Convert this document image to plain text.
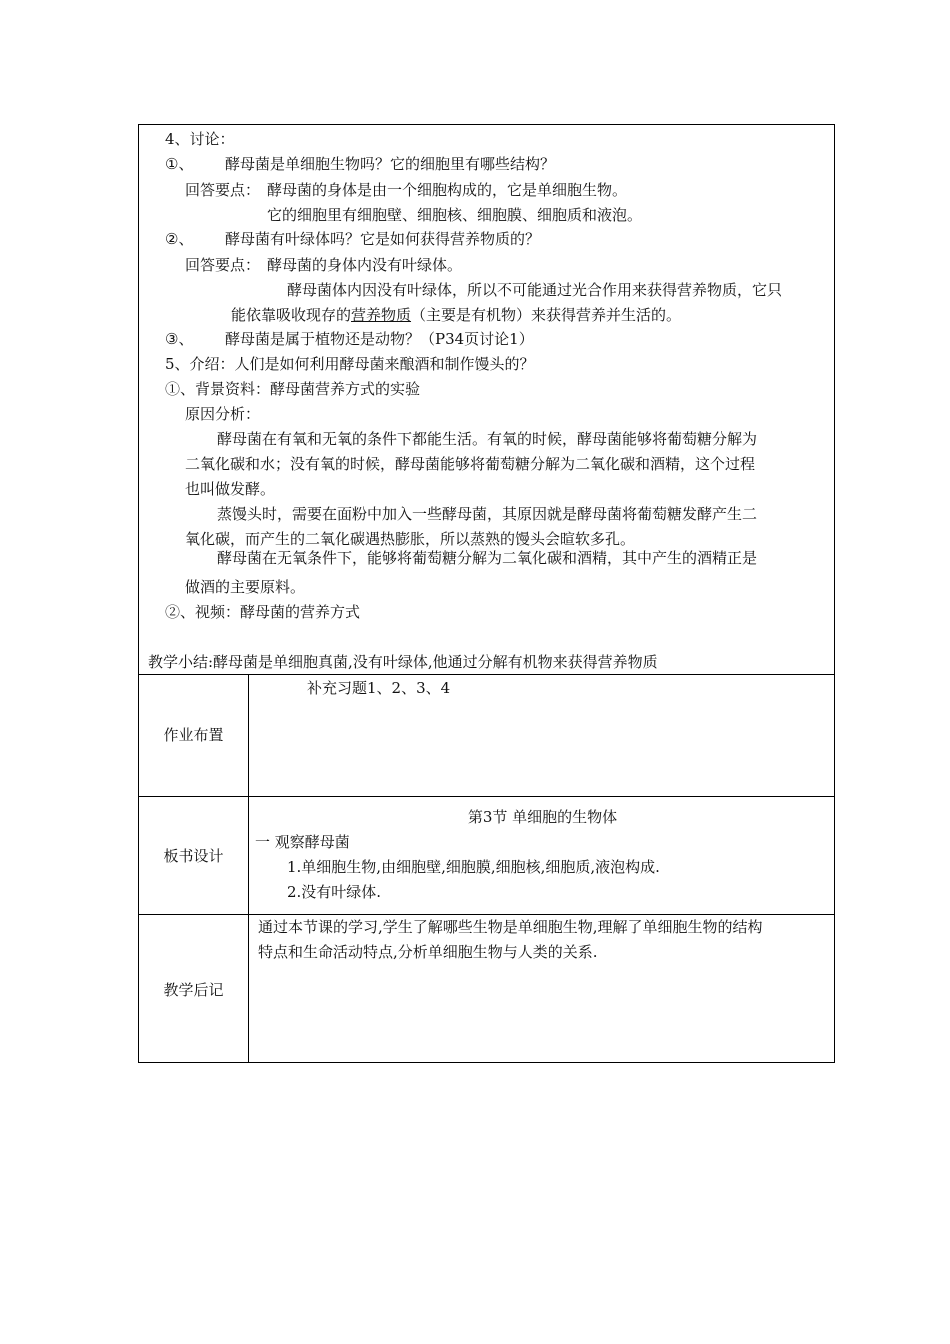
4、讨论：
①、 酵母菌是单细胞生物吗？它的细胞里有哪些结构？
回答要点： 酵母菌的身体是由一个细胞构成的，它是单细胞生物。
它的细胞里有细胞壁、细胞核、细胞膜、细胞质和液泡。
②、 酵母菌有叶绿体吗？它是如何获得营养物质的？
回答要点： 酵母菌的身体内没有叶绿体。
酵母菌体内因没有叶绿体，所以不可能通过光合作用来获得营养物质，它只
能依靠吸收现存的营养物质（主要是有机物）来获得营养并生活的。
③、 酵母菌是属于植物还是动物？（P34页讨论1）
5、介绍：人们是如何利用酵母菌来酿酒和制作馒头的？
①、背景资料：酵母菌营养方式的实验
原因分析：
酵母菌在有氧和无氧的条件下都能生活。有氧的时候，酵母菌能够将葡萄糖分解为
二氧化碳和水；没有氧的时候，酵母菌能够将葡萄糖分解为二氧化碳和酒精，这个过程
也叫做发酵。
蒸馒头时，需要在面粉中加入一些酵母菌，其原因就是酵母菌将葡萄糖发酵产生二
氧化碳，而产生的二氧化碳遇热膨胀，所以蒸熟的馒头会暄软多孔。
酵母菌在无氧条件下，能够将葡萄糖分解为二氧化碳和酒精，其中产生的酒精正是
做酒的主要原料。
②、视频：酵母菌的营养方式
教学小结:酵母菌是单细胞真菌,没有叶绿体,他通过分解有机物来获得营养物质
作业布置
补充习题1、2、3、4
板书设计
第3节 单细胞的生物体
一 观察酵母菌
1.单细胞生物,由细胞壁,细胞膜,细胞核,细胞质,液泡构成.
2.没有叶绿体.
教学后记
通过本节课的学习,学生了解哪些生物是单细胞生物,理解了单细胞生物的结构
特点和生命活动特点,分析单细胞生物与人类的关系.
